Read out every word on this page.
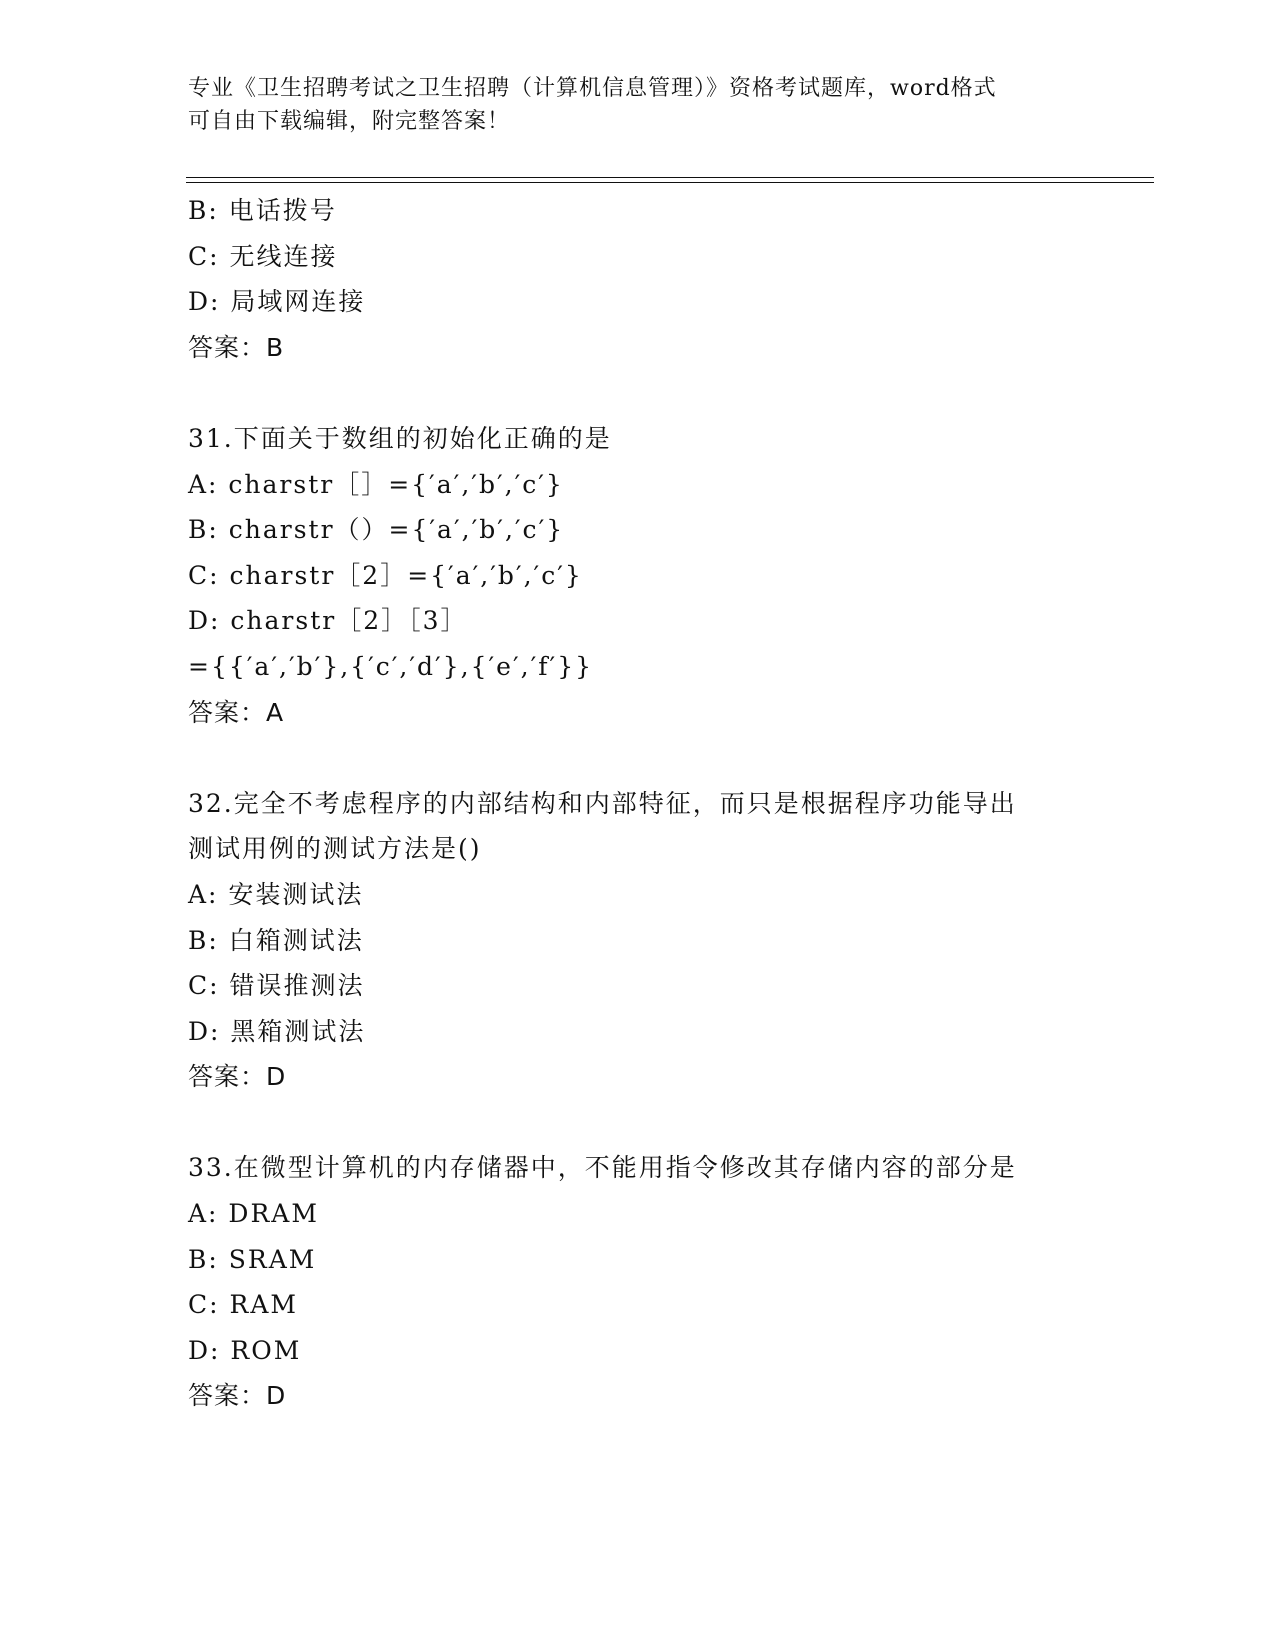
专业《卫生招聘考试之卫生招聘（计算机信息管理）》资格考试题库，word格式
可自由下载编辑，附完整答案！
B: 电话拨号
C: 无线连接
D: 局域网连接
答案：B
31.下面关于数组的初始化正确的是
A: charstr［］={′a′,′b′,′c′}
B: charstr（）={′a′,′b′,′c′}
C: charstr［2］={′a′,′b′,′c′}
D: charstr［2］［3］
={{′a′,′b′},{′c′,′d′},{′e′,′f′}}
答案：A
32.完全不考虑程序的内部结构和内部特征，而只是根据程序功能导出
测试用例的测试方法是()
A: 安装测试法
B: 白箱测试法
C: 错误推测法
D: 黑箱测试法
答案：D
33.在微型计算机的内存储器中，不能用指令修改其存储内容的部分是
A: DRAM
B: SRAM
C: RAM
D: ROM
答案：D
